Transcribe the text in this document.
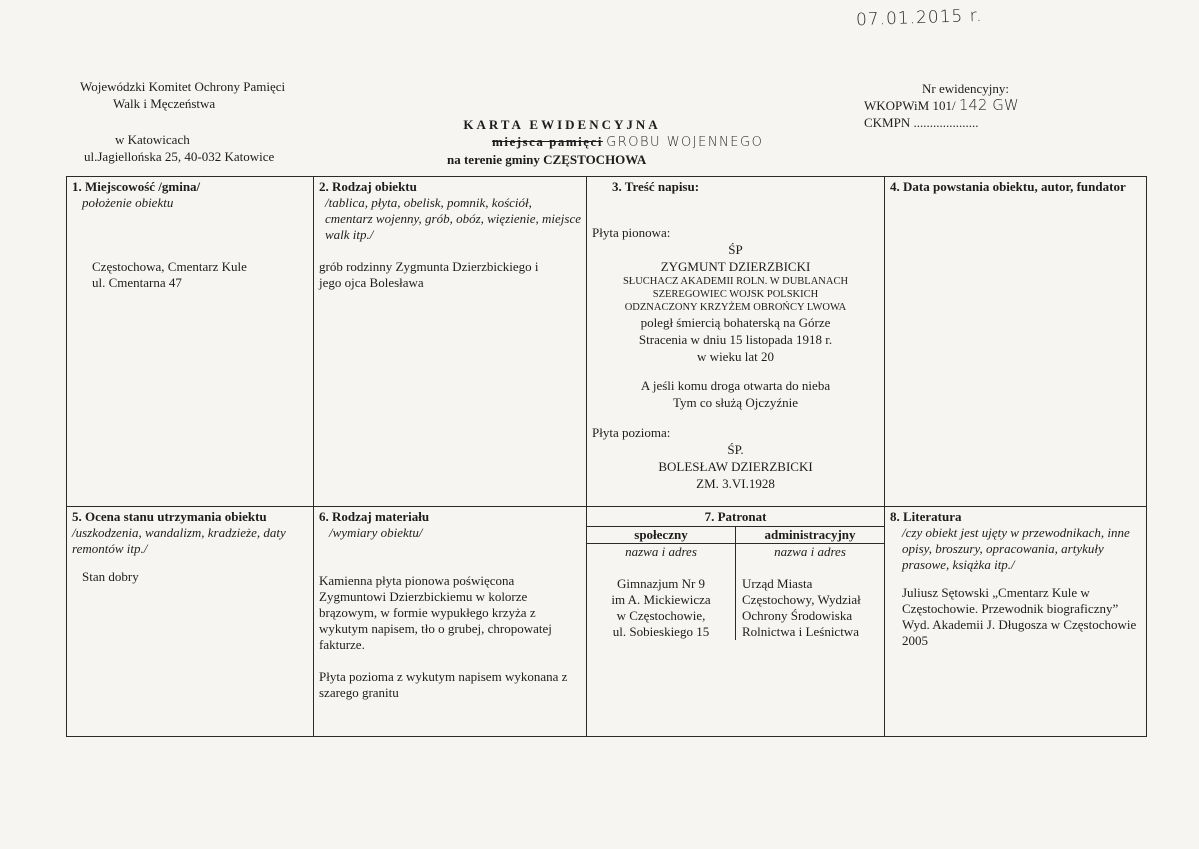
07.01.2015 r.
Wojewódzki Komitet Ochrony Pamięci
Walk i Męczeństwa
w Katowicach
ul.Jagiellońska 25, 40-032 Katowice
KARTA EWIDENCYJNA
miejsca pamięci GROBU WOJENNEGO
na terenie gminy CZĘSTOCHOWA
Nr ewidencyjny:
WKOPWiM 101/ 142 GW
CKMPN ....................
1. Miejscowość /gmina/
położenie obiektu
Częstochowa, Cmentarz Kule
ul. Cmentarna 47

2. Rodzaj obiektu
/tablica, płyta, obelisk, pomnik, kościół, cmentarz wojenny, grób, obóz, więzienie, miejsce walk itp./
grób rodzinny Zygmunta Dzierzbickiego i jego ojca Bolesława

3. Treść napisu:
Płyta pionowa:
ŚP
ZYGMUNT DZIERZBICKI
SŁUCHACZ AKADEMII ROLN. W DUBLANACH
SZEREGOWIEC WOJSK POLSKICH
ODZNACZONY KRZYŻEM OBROŃCY LWOWA
poległ śmiercią bohaterską na Górze
Stracenia w dniu 15 listopada 1918 r.
w wieku lat 20
A jeśli komu droga otwarta do nieba
Tym co służą Ojczyźnie
Płyta pozioma:
ŚP.
BOLESŁAW DZIERZBICKI
ZM. 3.VI.1928

4. Data powstania obiektu, autor, fundator

5. Ocena stanu utrzymania obiektu
/uszkodzenia, wandalizm, kradzieże, daty remontów itp./
Stan dobry

6. Rodzaj materiału
/wymiary obiektu/
Kamienna płyta pionowa poświęcona Zygmuntowi Dzierzbickiemu w kolorze brązowym, w formie wypukłego krzyża z wykutym napisem, tło o grubej, chropowatej fakturze.
Płyta pozioma z wykutym napisem wykonana z szarego granitu

7. Patronat
społeczny	administracyjny
nazwa i adres	nazwa i adres

Gimnazjum Nr 9
im A. Mickiewicza
w Częstochowie,
ul. Sobieskiego 15

Urząd Miasta
Częstochowy, Wydział
Ochrony Środowiska
Rolnictwa i Leśnictwa

8. Literatura
/czy obiekt jest ujęty w przewodnikach, inne opisy, broszury, opracowania, artykuły prasowe, książka itp./
Juliusz Sętowski „Cmentarz Kule w Częstochowie. Przewodnik biograficzny”
Wyd. Akademii J. Długosza w Częstochowie 2005
